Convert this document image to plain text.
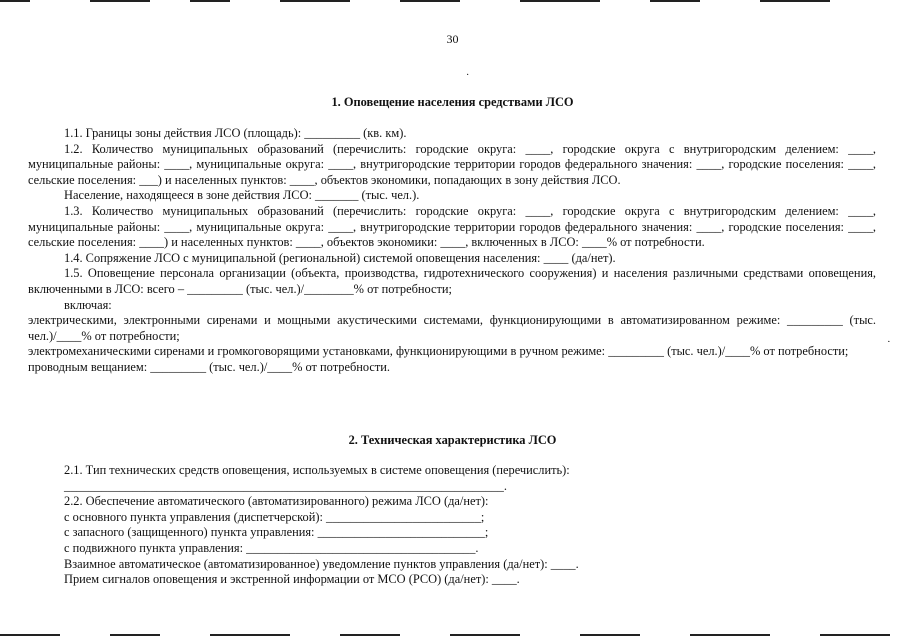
30
·
·
1. Оповещение населения средствами ЛСО

1.1. Границы зоны действия ЛСО (площадь): _________ (кв. км).

1.2. Количество муниципальных образований (перечислить: городские округа: ____, городские округа с внутригородским делением: ____, муниципальные районы: ____, муниципальные округа: ____, внутригородские территории городов федерального значения: ____, городские поселения: ____, сельские поселения: ___) и населенных пунктов: ____, объектов экономики, попадающих в зону действия ЛСО.

Население, находящееся в зоне действия ЛСО: _______ (тыс. чел.).

1.3. Количество муниципальных образований (перечислить: городские округа: ____, городские округа с внутригородским делением: ____, муниципальные районы: ____, муниципальные округа: ____, внутригородские территории городов федерального значения: ____, городские поселения: ____, сельские поселения: ____) и населенных пунктов: ____, объектов экономики: ____, включенных в ЛСО: ____% от потребности.

1.4. Сопряжение ЛСО с муниципальной (региональной) системой оповещения населения: ____ (да/нет).

1.5. Оповещение персонала организации (объекта, производства, гидротехнического сооружения) и населения различными средствами оповещения, включенными в ЛСО: всего – _________ (тыс. чел.)/________% от потребности;

включая:

электрическими, электронными сиренами и мощными акустическими системами, функционирующими в автоматизированном режиме: _________ (тыс. чел.)/____% от потребности;

электромеханическими сиренами и громкоговорящими установками, функционирующими в ручном режиме: _________ (тыс. чел.)/____% от потребности;

проводным вещанием: _________ (тыс. чел.)/____% от потребности.

2. Техническая характеристика ЛСО

2.1. Тип технических средств оповещения, используемых в системе оповещения (перечислить):

_______________________________________________________________________.

2.2. Обеспечение автоматического (автоматизированного) режима ЛСО (да/нет):

с основного пункта управления (диспетчерской): _________________________;

с запасного (защищенного) пункта управления: ___________________________;

с подвижного пункта управления: _____________________________________.

Взаимное автоматическое (автоматизированное) уведомление пунктов управления (да/нет): ____.

Прием сигналов оповещения и экстренной информации от МСО (РСО) (да/нет): ____.
